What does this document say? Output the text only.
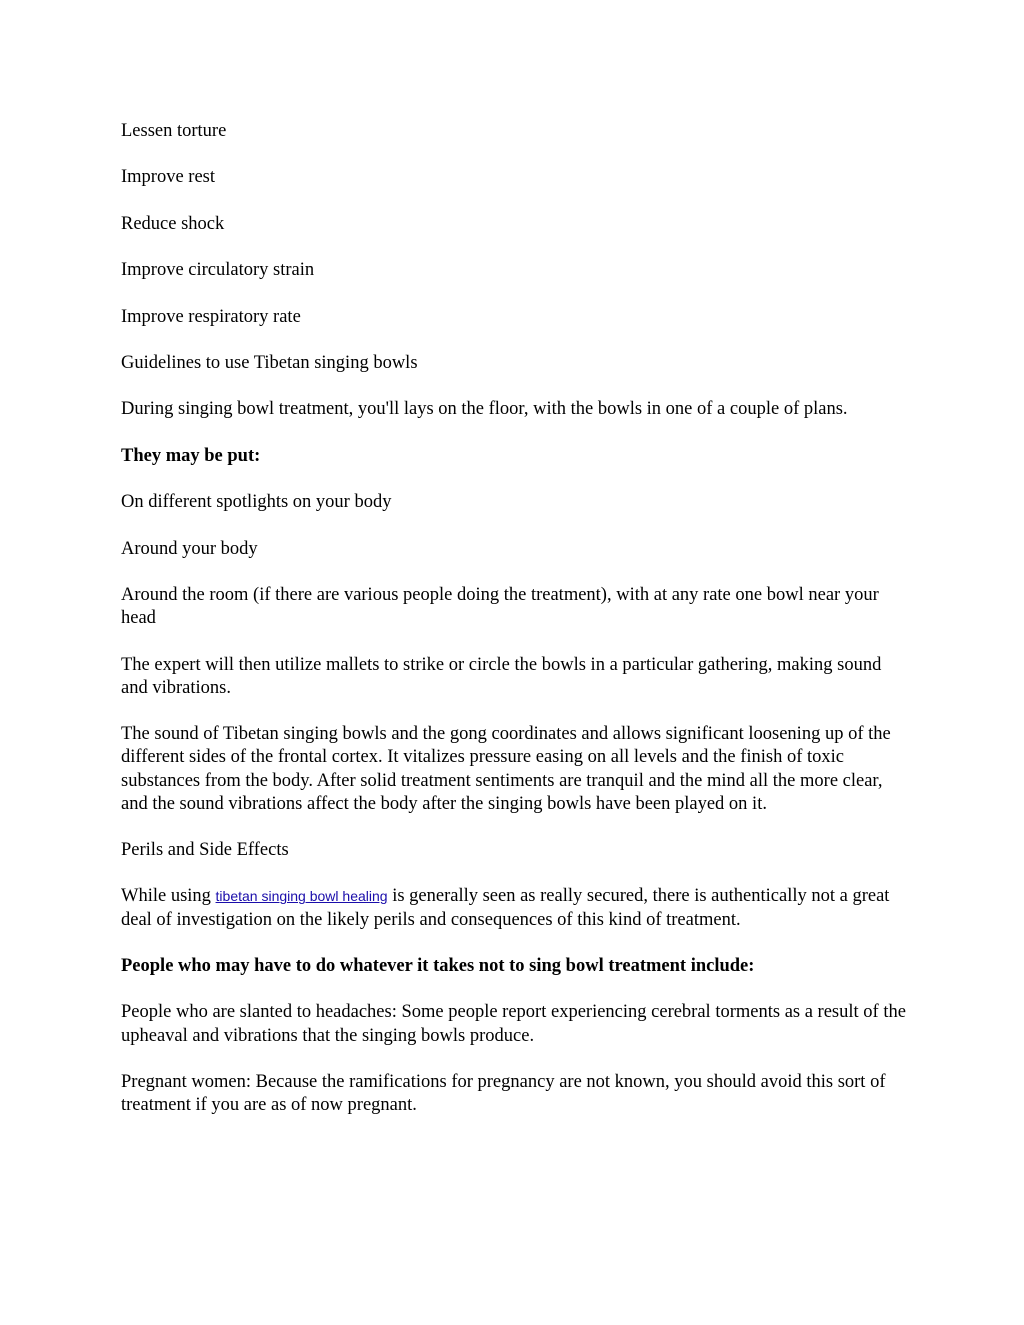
Lessen torture

Improve rest

Reduce shock

Improve circulatory strain

Improve respiratory rate

Guidelines to use Tibetan singing bowls

During singing bowl treatment, you'll lays on the floor, with the bowls in one of a couple of plans.

They may be put:

On different spotlights on your body

Around your body

Around the room (if there are various people doing the treatment), with at any rate one bowl near your head

The expert will then utilize mallets to strike or circle the bowls in a particular gathering, making sound and vibrations.

The sound of Tibetan singing bowls and the gong coordinates and allows significant loosening up of the different sides of the frontal cortex. It vitalizes pressure easing on all levels and the finish of toxic substances from the body. After solid treatment sentiments are tranquil and the mind all the more clear, and the sound vibrations affect the body after the singing bowls have been played on it.

Perils and Side Effects

While using tibetan singing bowl healing is generally seen as really secured, there is authentically not a great deal of investigation on the likely perils and consequences of this kind of treatment.

People who may have to do whatever it takes not to sing bowl treatment include:

People who are slanted to headaches: Some people report experiencing cerebral torments as a result of the upheaval and vibrations that the singing bowls produce.

Pregnant women: Because the ramifications for pregnancy are not known, you should avoid this sort of treatment if you are as of now pregnant.
